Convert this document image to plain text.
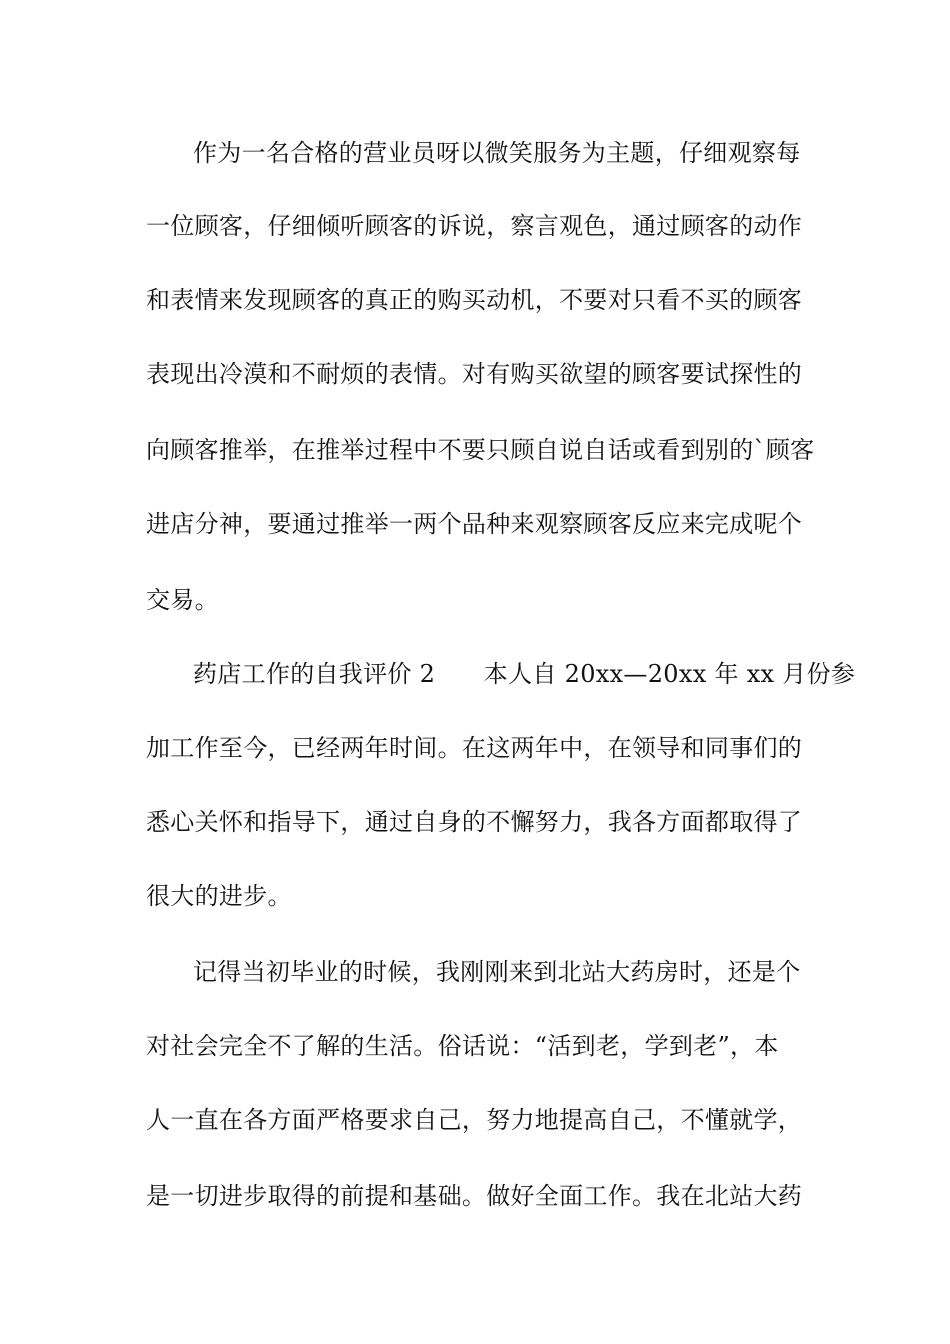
作为一名合格的营业员呀以微笑服务为主题，仔细观察每
一位顾客，仔细倾听顾客的诉说，察言观色，通过顾客的动作
和表情来发现顾客的真正的购买动机，不要对只看不买的顾客
表现出冷漠和不耐烦的表情。对有购买欲望的顾客要试探性的
向顾客推举，在推举过程中不要只顾自说自话或看到别的`顾客
进店分神，要通过推举一两个品种来观察顾客反应来完成呢个
交易。
药店工作的自我评价 2　　本人自 20xx—20xx 年 xx 月份参
加工作至今，已经两年时间。在这两年中，在领导和同事们的
悉心关怀和指导下，通过自身的不懈努力，我各方面都取得了
很大的进步。
记得当初毕业的时候，我刚刚来到北站大药房时，还是个
对社会完全不了解的生活。俗话说：“活到老，学到老”，本
人一直在各方面严格要求自己，努力地提高自己，不懂就学，
是一切进步取得的前提和基础。做好全面工作。我在北站大药
